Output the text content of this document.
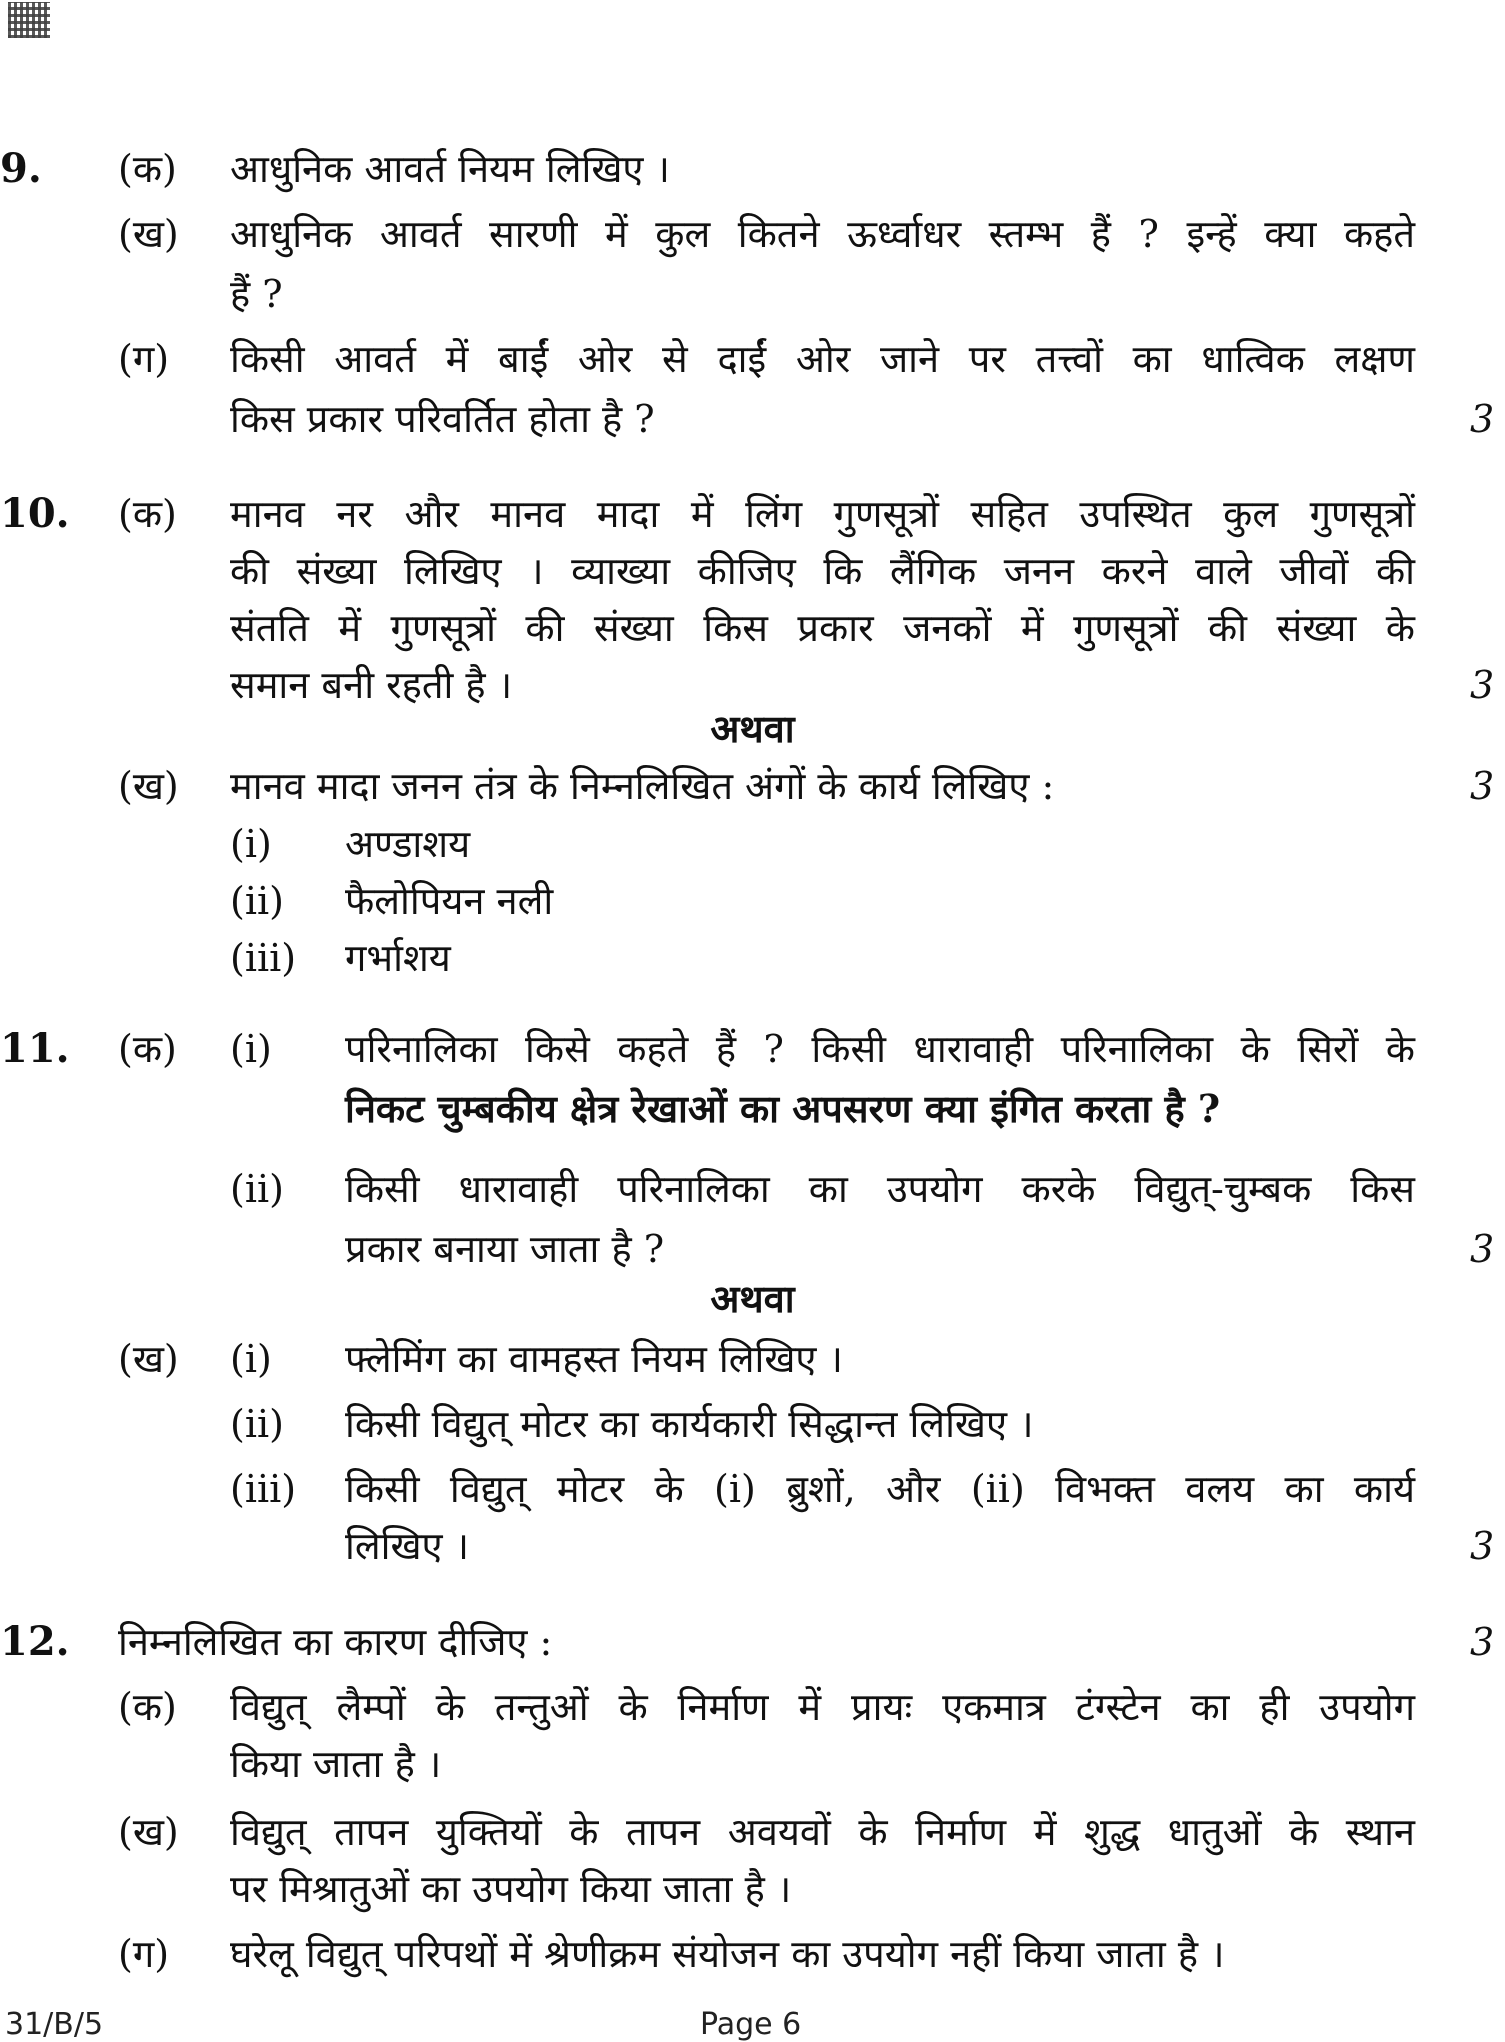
9. (क) आधुनिक आवर्त नियम लिखिए ।
(ख) आधुनिक आवर्त सारणी में कुल कितने ऊर्ध्वाधर स्तम्भ हैं ? इन्हें क्या कहते
हैं ?
(ग) किसी आवर्त में बाईं ओर से दाईं ओर जाने पर तत्त्वों का धात्विक लक्षण
किस प्रकार परिवर्तित होता है ?	3
10. (क) मानव नर और मानव मादा में लिंग गुणसूत्रों सहित उपस्थित कुल गुणसूत्रों
की संख्या लिखिए । व्याख्या कीजिए कि लैंगिक जनन करने वाले जीवों की
संतति में गुणसूत्रों की संख्या किस प्रकार जनकों में गुणसूत्रों की संख्या के
समान बनी रहती है ।	3
अथवा
(ख) मानव मादा जनन तंत्र के निम्नलिखित अंगों के कार्य लिखिए :	3
(i) अण्डाशय
(ii) फैलोपियन नली
(iii) गर्भाशय
11. (क) (i) परिनालिका किसे कहते हैं ? किसी धारावाही परिनालिका के सिरों के
निकट चुम्बकीय क्षेत्र रेखाओं का अपसरण क्या इंगित करता है ?
(ii) किसी धारावाही परिनालिका का उपयोग करके विद्युत्-चुम्बक किस
प्रकार बनाया जाता है ?	3
अथवा
(ख) (i) फ्लेमिंग का वामहस्त नियम लिखिए ।
(ii) किसी विद्युत् मोटर का कार्यकारी सिद्धान्त लिखिए ।
(iii) किसी विद्युत् मोटर के (i) ब्रुशों, और (ii) विभक्त वलय का कार्य
लिखिए ।	3
12. निम्नलिखित का कारण दीजिए :	3
(क) विद्युत् लैम्पों के तन्तुओं के निर्माण में प्रायः एकमात्र टंग्स्टेन का ही उपयोग
किया जाता है ।
(ख) विद्युत् तापन युक्तियों के तापन अवयवों के निर्माण में शुद्ध धातुओं के स्थान
पर मिश्रातुओं का उपयोग किया जाता है ।
(ग) घरेलू विद्युत् परिपथों में श्रेणीक्रम संयोजन का उपयोग नहीं किया जाता है ।
31/B/5	Page 6
